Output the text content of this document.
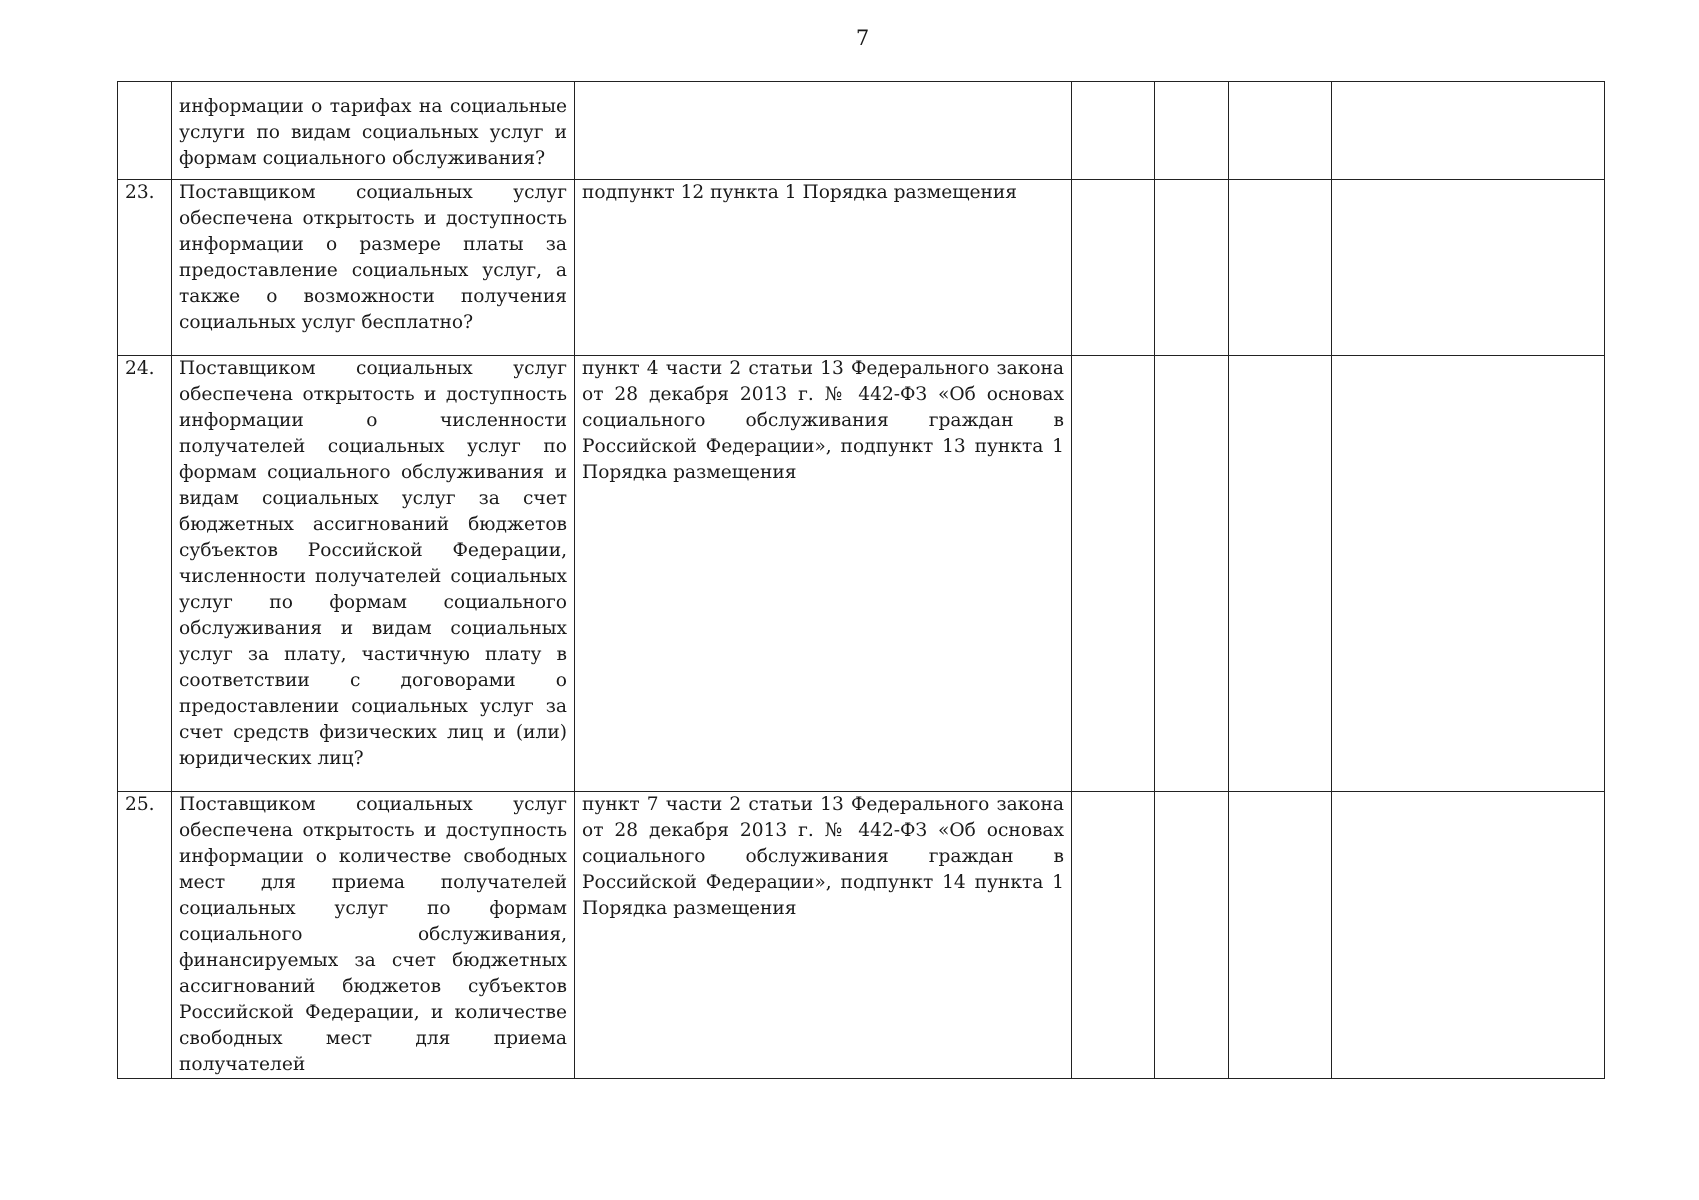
7
	информации о тарифах на социальные услуги по видам социальных услуг и формам социального обслуживания?					
23.	Поставщиком социальных услуг обеспечена открытость и доступность информации о размере платы за предоставление социальных услуг, а также о возможности получения социальных услуг бесплатно?	подпункт 12 пункта 1 Порядка размещения				
24.	Поставщиком социальных услуг обеспечена открытость и доступность информации о численности получателей социальных услуг по формам социального обслуживания и видам социальных услуг за счет бюджетных ассигнований бюджетов субъектов Российской Федерации, численности получателей социальных услуг по формам социального обслуживания и видам социальных услуг за плату, частичную плату в соответствии с договорами о предоставлении социальных услуг за счет средств физических лиц и (или) юридических лиц?	пункт 4 части 2 статьи 13 Федерального закона от 28 декабря 2013 г. № 442-ФЗ «Об основах социального обслуживания граждан в Российской Федерации», подпункт 13 пункта 1 Порядка размещения				
25.	Поставщиком социальных услуг обеспечена открытость и доступность информации о количестве свободных мест для приема получателей социальных услуг по формам социального обслуживания, финансируемых за счет бюджетных ассигнований бюджетов субъектов Российской Федерации, и количестве свободных мест для приема получателей	пункт 7 части 2 статьи 13 Федерального закона от 28 декабря 2013 г. № 442-ФЗ «Об основах социального обслуживания граждан в Российской Федерации», подпункт 14 пункта 1 Порядка размещения				
